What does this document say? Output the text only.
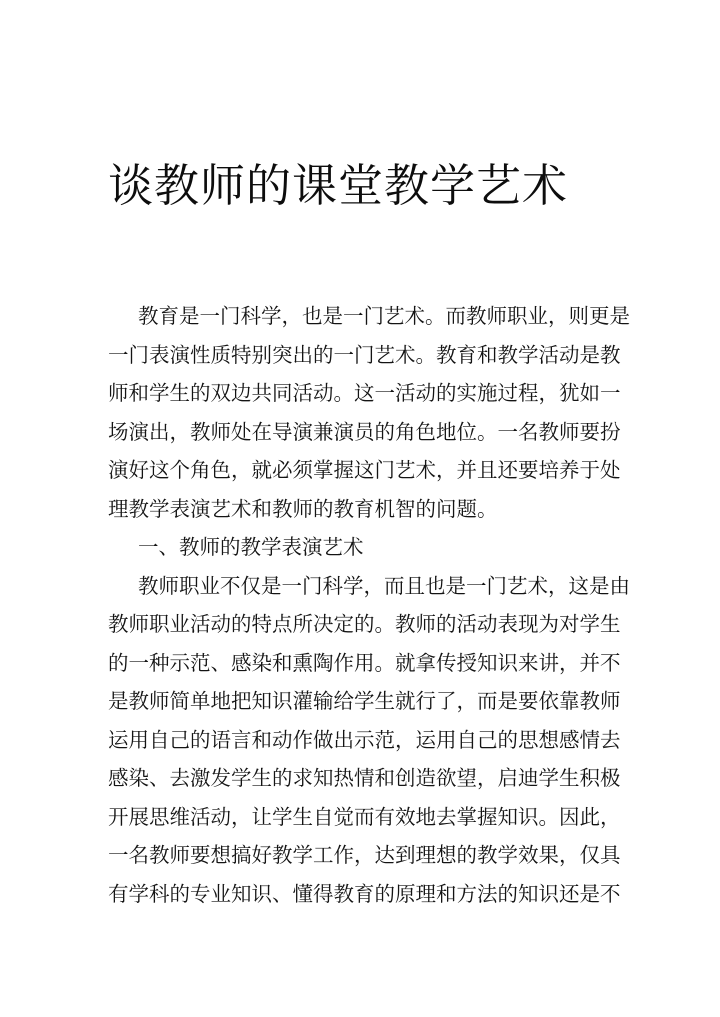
谈教师的课堂教学艺术
教育是一门科学，也是一门艺术。而教师职业，则更是
一门表演性质特别突出的一门艺术。教育和教学活动是教
师和学生的双边共同活动。这一活动的实施过程，犹如一
场演出，教师处在导演兼演员的角色地位。一名教师要扮
演好这个角色，就必须掌握这门艺术，并且还要培养于处
理教学表演艺术和教师的教育机智的问题。
一、教师的教学表演艺术
教师职业不仅是一门科学，而且也是一门艺术，这是由
教师职业活动的特点所决定的。教师的活动表现为对学生
的一种示范、感染和熏陶作用。就拿传授知识来讲，并不
是教师简单地把知识灌输给学生就行了，而是要依靠教师
运用自己的语言和动作做出示范，运用自己的思想感情去
感染、去激发学生的求知热情和创造欲望，启迪学生积极
开展思维活动，让学生自觉而有效地去掌握知识。因此，
一名教师要想搞好教学工作，达到理想的教学效果，仅具
有学科的专业知识、懂得教育的原理和方法的知识还是不
